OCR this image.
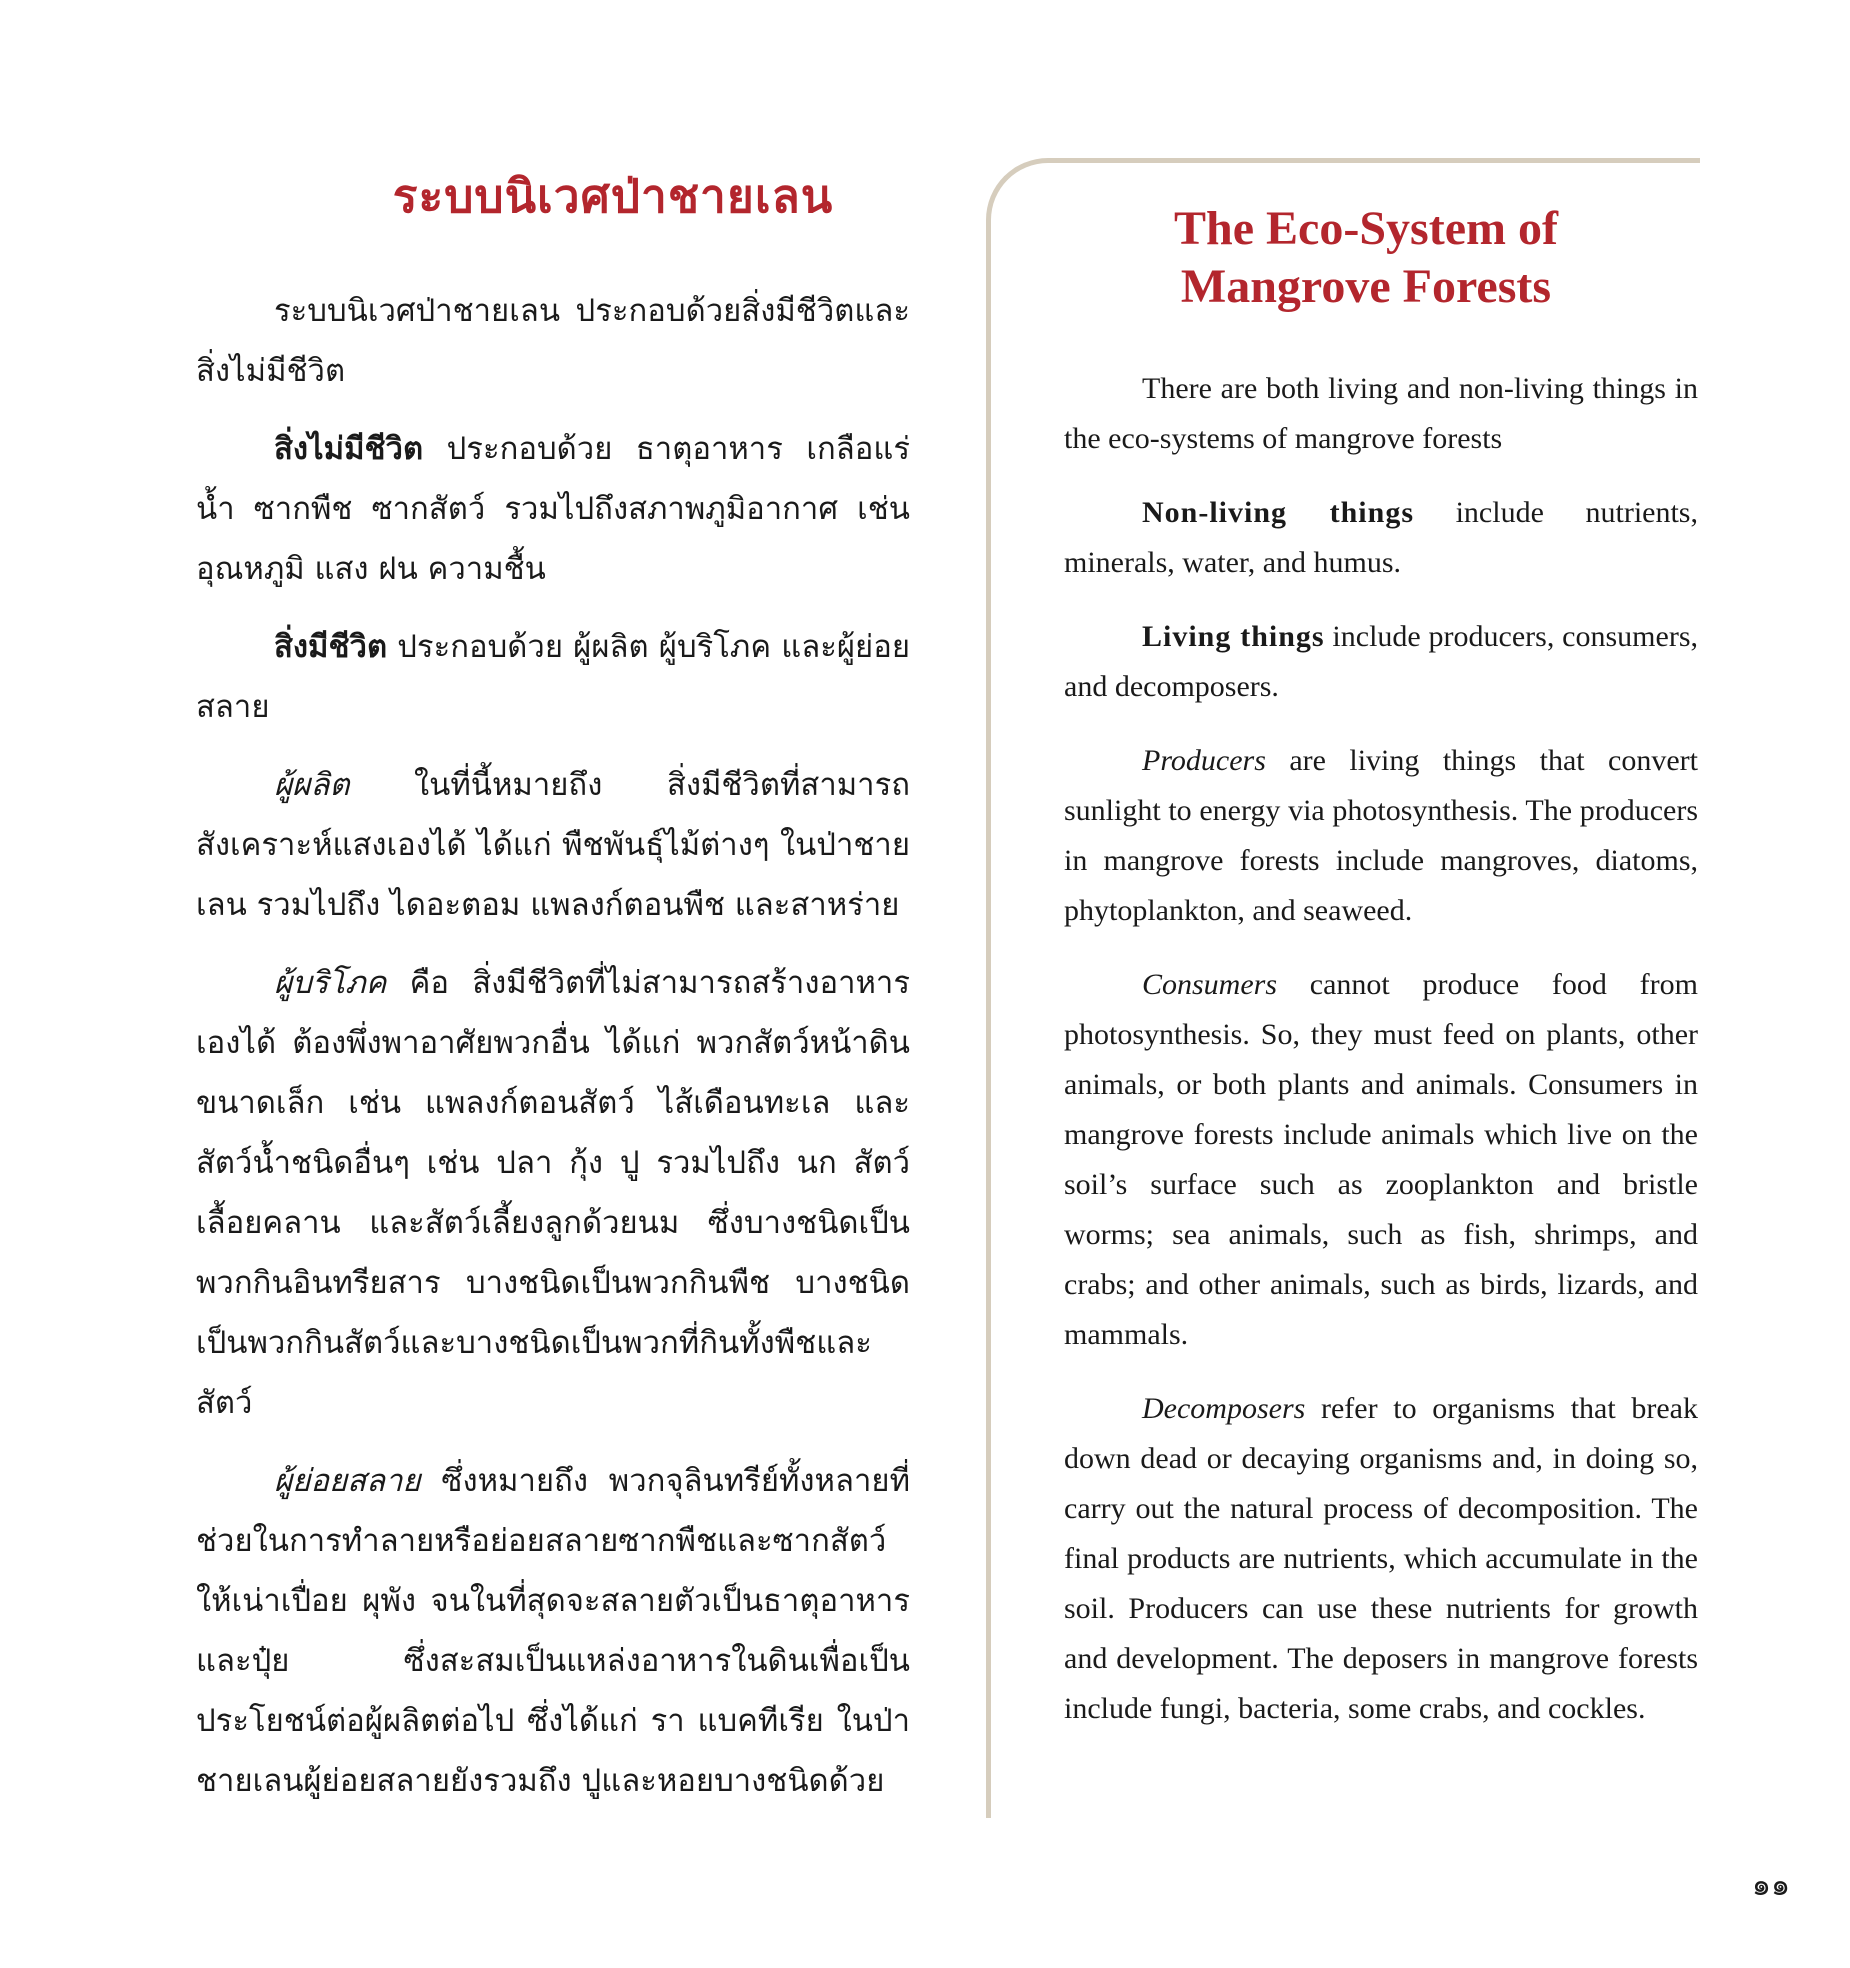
ระบบนิเวศป่าชายเลน

ระบบนิเวศป่าชายเลน ประกอบด้วยสิ่งมีชีวิตและสิ่งไม่มีชีวิต

สิ่งไม่มีชีวิต ประกอบด้วย ธาตุอาหาร เกลือแร่ น้ำ ซากพืช ซากสัตว์ รวมไปถึงสภาพภูมิอากาศ เช่น อุณหภูมิ แสง ฝน ความชื้น

สิ่งมีชีวิต ประกอบด้วย ผู้ผลิต ผู้บริโภค และผู้ย่อยสลาย

ผู้ผลิต ในที่นี้หมายถึง สิ่งมีชีวิตที่สามารถสังเคราะห์แสงเองได้ ได้แก่ พืชพันธุ์ไม้ต่างๆ ในป่าชายเลน รวมไปถึง ไดอะตอม แพลงก์ตอนพืช และสาหร่าย

ผู้บริโภค คือ สิ่งมีชีวิตที่ไม่สามารถสร้างอาหารเองได้ ต้องพึ่งพาอาศัยพวกอื่น ได้แก่ พวกสัตว์หน้าดินขนาดเล็ก เช่น แพลงก์ตอนสัตว์ ไส้เดือนทะเล และสัตว์น้ำชนิดอื่นๆ เช่น ปลา กุ้ง ปู รวมไปถึง นก สัตว์เลื้อยคลาน และสัตว์เลี้ยงลูกด้วยนม ซึ่งบางชนิดเป็นพวกกินอินทรียสาร บางชนิดเป็นพวกกินพืช บางชนิดเป็นพวกกินสัตว์และบางชนิดเป็นพวกที่กินทั้งพืชและสัตว์

ผู้ย่อยสลาย ซึ่งหมายถึง พวกจุลินทรีย์ทั้งหลายที่ช่วยในการทำลายหรือย่อยสลายซากพืชและซากสัตว์ให้เน่าเปื่อย ผุพัง จนในที่สุดจะสลายตัวเป็นธาตุอาหารและปุ๋ย ซึ่งสะสมเป็นแหล่งอาหารในดินเพื่อเป็นประโยชน์ต่อผู้ผลิตต่อไป ซึ่งได้แก่ รา แบคทีเรีย ในป่าชายเลนผู้ย่อยสลายยังรวมถึง ปูและหอยบางชนิดด้วย

The Eco-System of
Mangrove Forests

There are both living and non-living things in the eco-systems of mangrove forests

Non-living things include nutrients, minerals, water, and humus.

Living things include producers, consumers, and decomposers.

Producers are living things that convert sunlight to energy via photosynthesis. The producers in mangrove forests include mangroves, diatoms, phytoplankton, and seaweed.

Consumers cannot produce food from photosynthesis. So, they must feed on plants, other animals, or both plants and animals. Consumers in mangrove forests include animals which live on the soil’s surface such as zooplankton and bristle worms; sea animals, such as fish, shrimps, and crabs; and other animals, such as birds, lizards, and mammals.

Decomposers refer to organisms that break down dead or decaying organisms and, in doing so, carry out the natural process of decomposition. The final products are nutrients, which accumulate in the soil. Producers can use these nutrients for growth and development. The deposers in mangrove forests include fungi, bacteria, some crabs, and cockles.

๑๑
